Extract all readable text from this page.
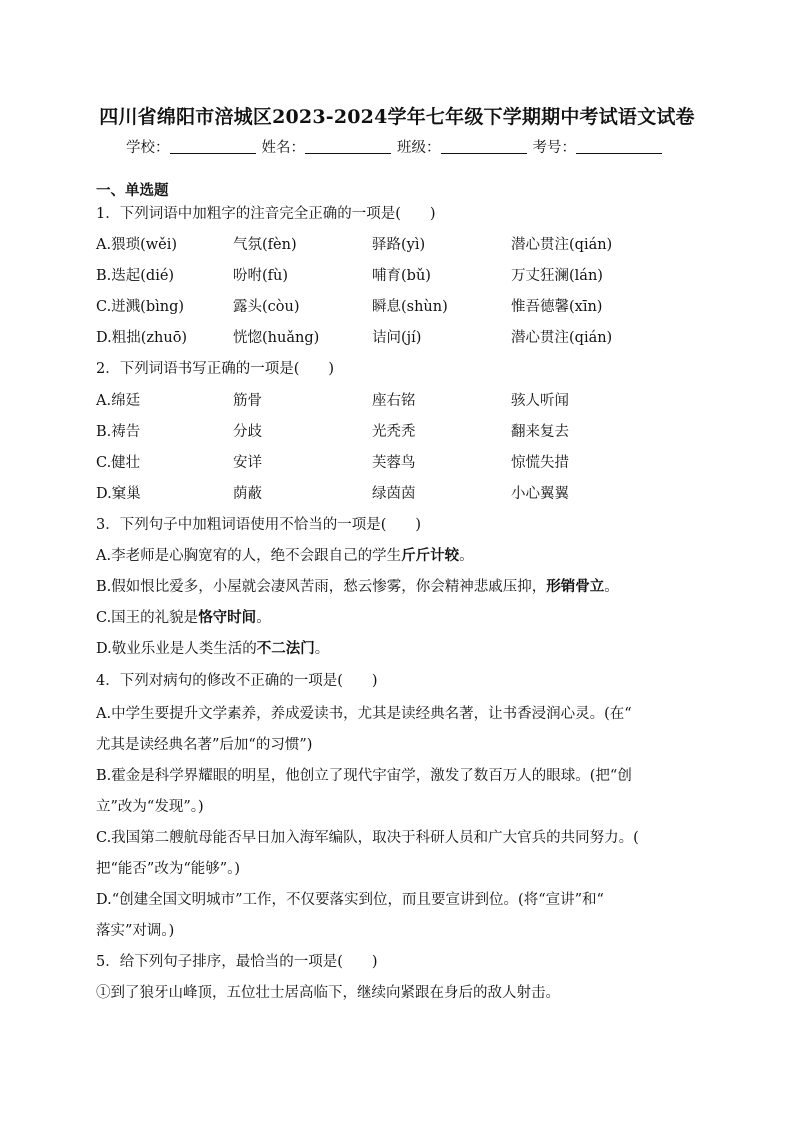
四川省绵阳市涪城区2023-2024学年七年级下学期期中考试语文试卷
学校：	姓名：	班级：	考号：
一、单选题
1．下列词语中加粗字的注音完全正确的一项是(　　)
A.猥琐(wěi)	气氛(fèn)	驿路(yì)	潜心贯注(qián)
B.迭起(dié)	吩咐(fù)	哺育(bǔ)	万丈狂澜(lán)
C.迸溅(bìng)	露头(còu)	瞬息(shùn)	惟吾德馨(xīn)
D.粗拙(zhuō)	恍惚(huǎng)	诘问(jí)	潜心贯注(qián)
2．下列词语书写正确的一项是(　　)
A.绵廷	筋骨	座右铭	骇人听闻
B.祷告	分歧	光秃秃	翻来复去
C.健壮	安详	芙蓉鸟	惊慌失措
D.窠巢	荫蔽	绿茵茵	小心翼翼
3．下列句子中加粗词语使用不恰当的一项是(　　)
A.李老师是心胸宽宥的人，绝不会跟自己的学生斤斤计较。
B.假如恨比爱多，小屋就会凄风苦雨，愁云惨雾，你会精神悲戚压抑，形销骨立。
C.国王的礼貌是恪守时间。
D.敬业乐业是人类生活的不二法门。
4．下列对病句的修改不正确的一项是(　　)
A.中学生要提升文学素养，养成爱读书，尤其是读经典名著，让书香浸润心灵。(在“
尤其是读经典名著”后加“的习惯”)
B.霍金是科学界耀眼的明星，他创立了现代宇宙学，激发了数百万人的眼球。(把“创
立”改为“发现”。)
C.我国第二艘航母能否早日加入海军编队，取决于科研人员和广大官兵的共同努力。(
把“能否”改为“能够”。)
D.“创建全国文明城市”工作，不仅要落实到位，而且要宣讲到位。(将“宣讲”和“
落实”对调。)
5．给下列句子排序，最恰当的一项是(　　)
①到了狼牙山峰顶，五位壮士居高临下，继续向紧跟在身后的敌人射击。
